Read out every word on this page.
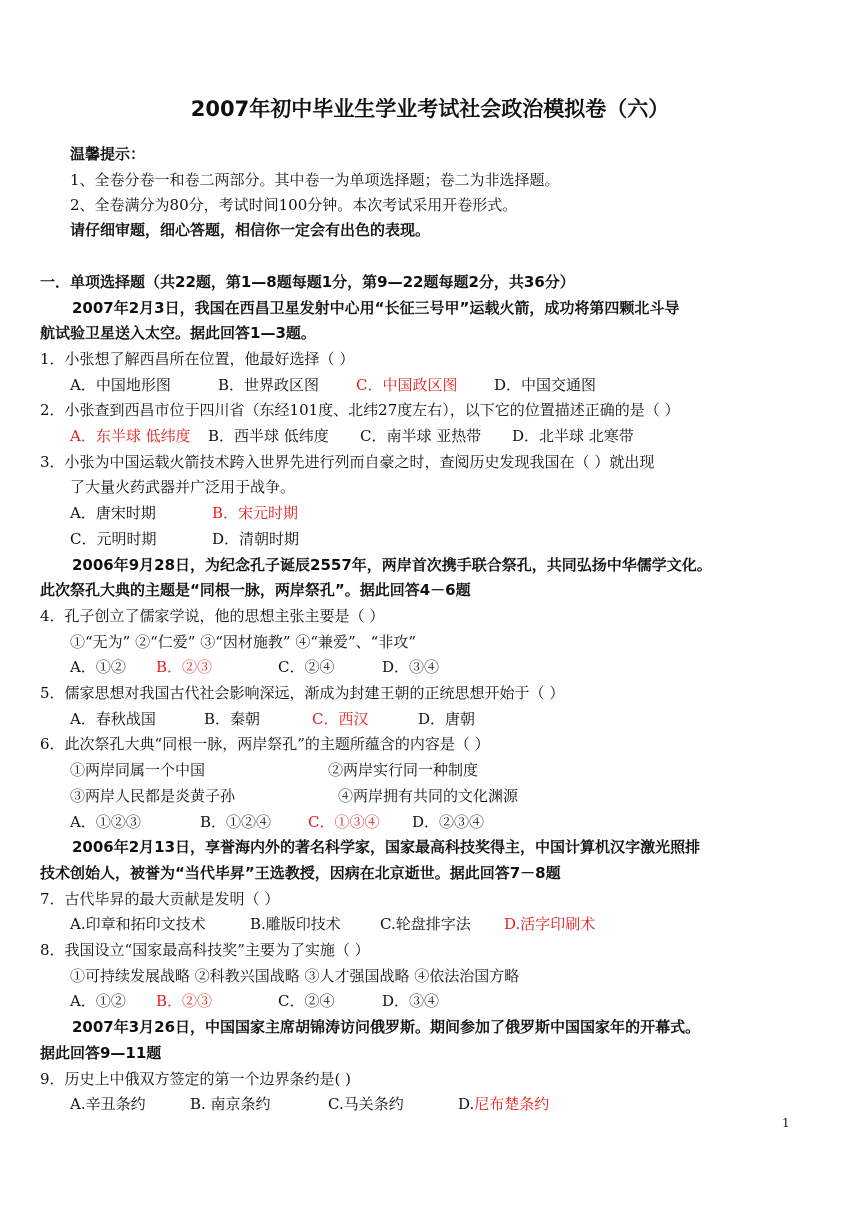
2007年初中毕业生学业考试社会政治模拟卷（六）
温馨提示：
1、全卷分卷一和卷二两部分。其中卷一为单项选择题；卷二为非选择题。
2、全卷满分为80分，考试时间100分钟。本次考试采用开卷形式。
请仔细审题，细心答题，相信你一定会有出色的表现。
一．单项选择题（共22题，第1—8题每题1分，第9—22题每题2分，共36分）
2007年2月3日，我国在西昌卫星发射中心用“长征三号甲”运载火箭，成功将第四颗北斗导
航试验卫星送入太空。据此回答1—3题。
1．小张想了解西昌所在位置，他最好选择（ ）
A．中国地形图	B．世界政区图 C．中国政区图 D．中国交通图
2．小张查到西昌市位于四川省（东经101度、北纬27度左右），以下它的位置描述正确的是（ ）
A．东半球 低纬度 B．西半球 低纬度 C．南半球 亚热带 D．北半球 北寒带
3．小张为中国运载火箭技术跨入世界先进行列而自豪之时，查阅历史发现我国在（ ）就出现
了大量火药武器并广泛用于战争。
A．唐宋时期	B．宋元时期
C．元明时期	D．清朝时期
2006年9月28日，为纪念孔子诞辰2557年，两岸首次携手联合祭孔，共同弘扬中华儒学文化。
此次祭孔大典的主题是“同根一脉，两岸祭孔”。据此回答4－6题
4．孔子创立了儒家学说，他的思想主张主要是（ ）
①“无为” ②“仁爱” ③“因材施教” ④“兼爱”、“非攻”
A．①② B．②③	C．②④	D．③④
5．儒家思想对我国古代社会影响深远，渐成为封建王朝的正统思想开始于（ ）
A．春秋战国	B．秦朝	C．西汉	D．唐朝
6．此次祭孔大典“同根一脉，两岸祭孔”的主题所蕴含的内容是（ ）
①两岸同属一个中国	②两岸实行同一种制度
③两岸人民都是炎黄子孙	④两岸拥有共同的文化渊源
A．①②③	B．①②④ C．①③④ D．②③④
2006年2月13日，享誉海内外的著名科学家，国家最高科技奖得主，中国计算机汉字激光照排
技术创始人，被誉为“当代毕昇”王选教授，因病在北京逝世。据此回答7－8题
7．古代毕昇的最大贡献是发明（ ）
A.印章和拓印文技术	B.雕版印技术	C.轮盘排字法 D.活字印刷术
8．我国设立“国家最高科技奖”主要为了实施（ ）
①可持续发展战略 ②科教兴国战略 ③人才强国战略 ④依法治国方略
A．①② B．②③	C．②④	D．③④
2007年3月26日，中国国家主席胡锦涛访问俄罗斯。期间参加了俄罗斯中国国家年的开幕式。
据此回答9—11题
9．历史上中俄双方签定的第一个边界条约是( )
A.辛丑条约	B. 南京条约	C.马关条约	D.尼布楚条约
1
